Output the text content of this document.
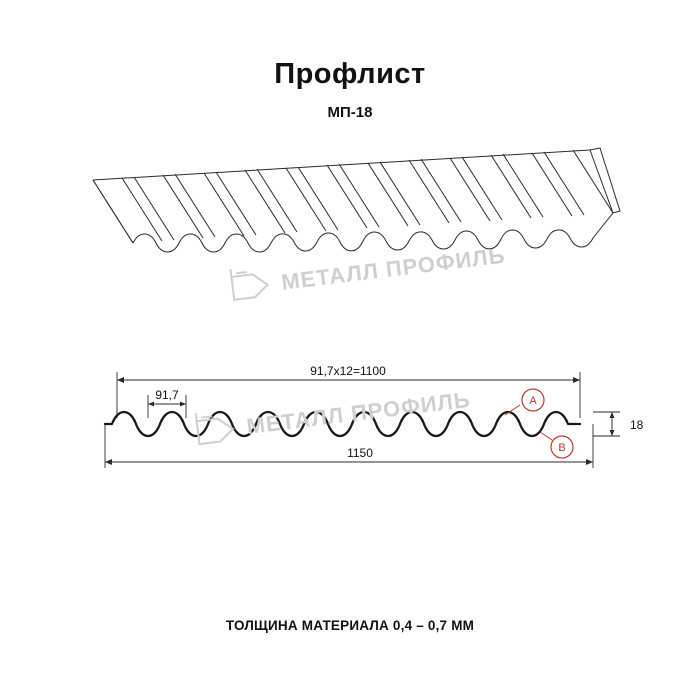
Профлист
МП-18
МЕТАЛЛ ПРОФИЛЬ
91,7х12=1100
91,7	A
B
1150
18
МЕТАЛЛ ПРОФИЛЬ
ТОЛЩИНА МАТЕРИАЛА 0,4 – 0,7 ММ
